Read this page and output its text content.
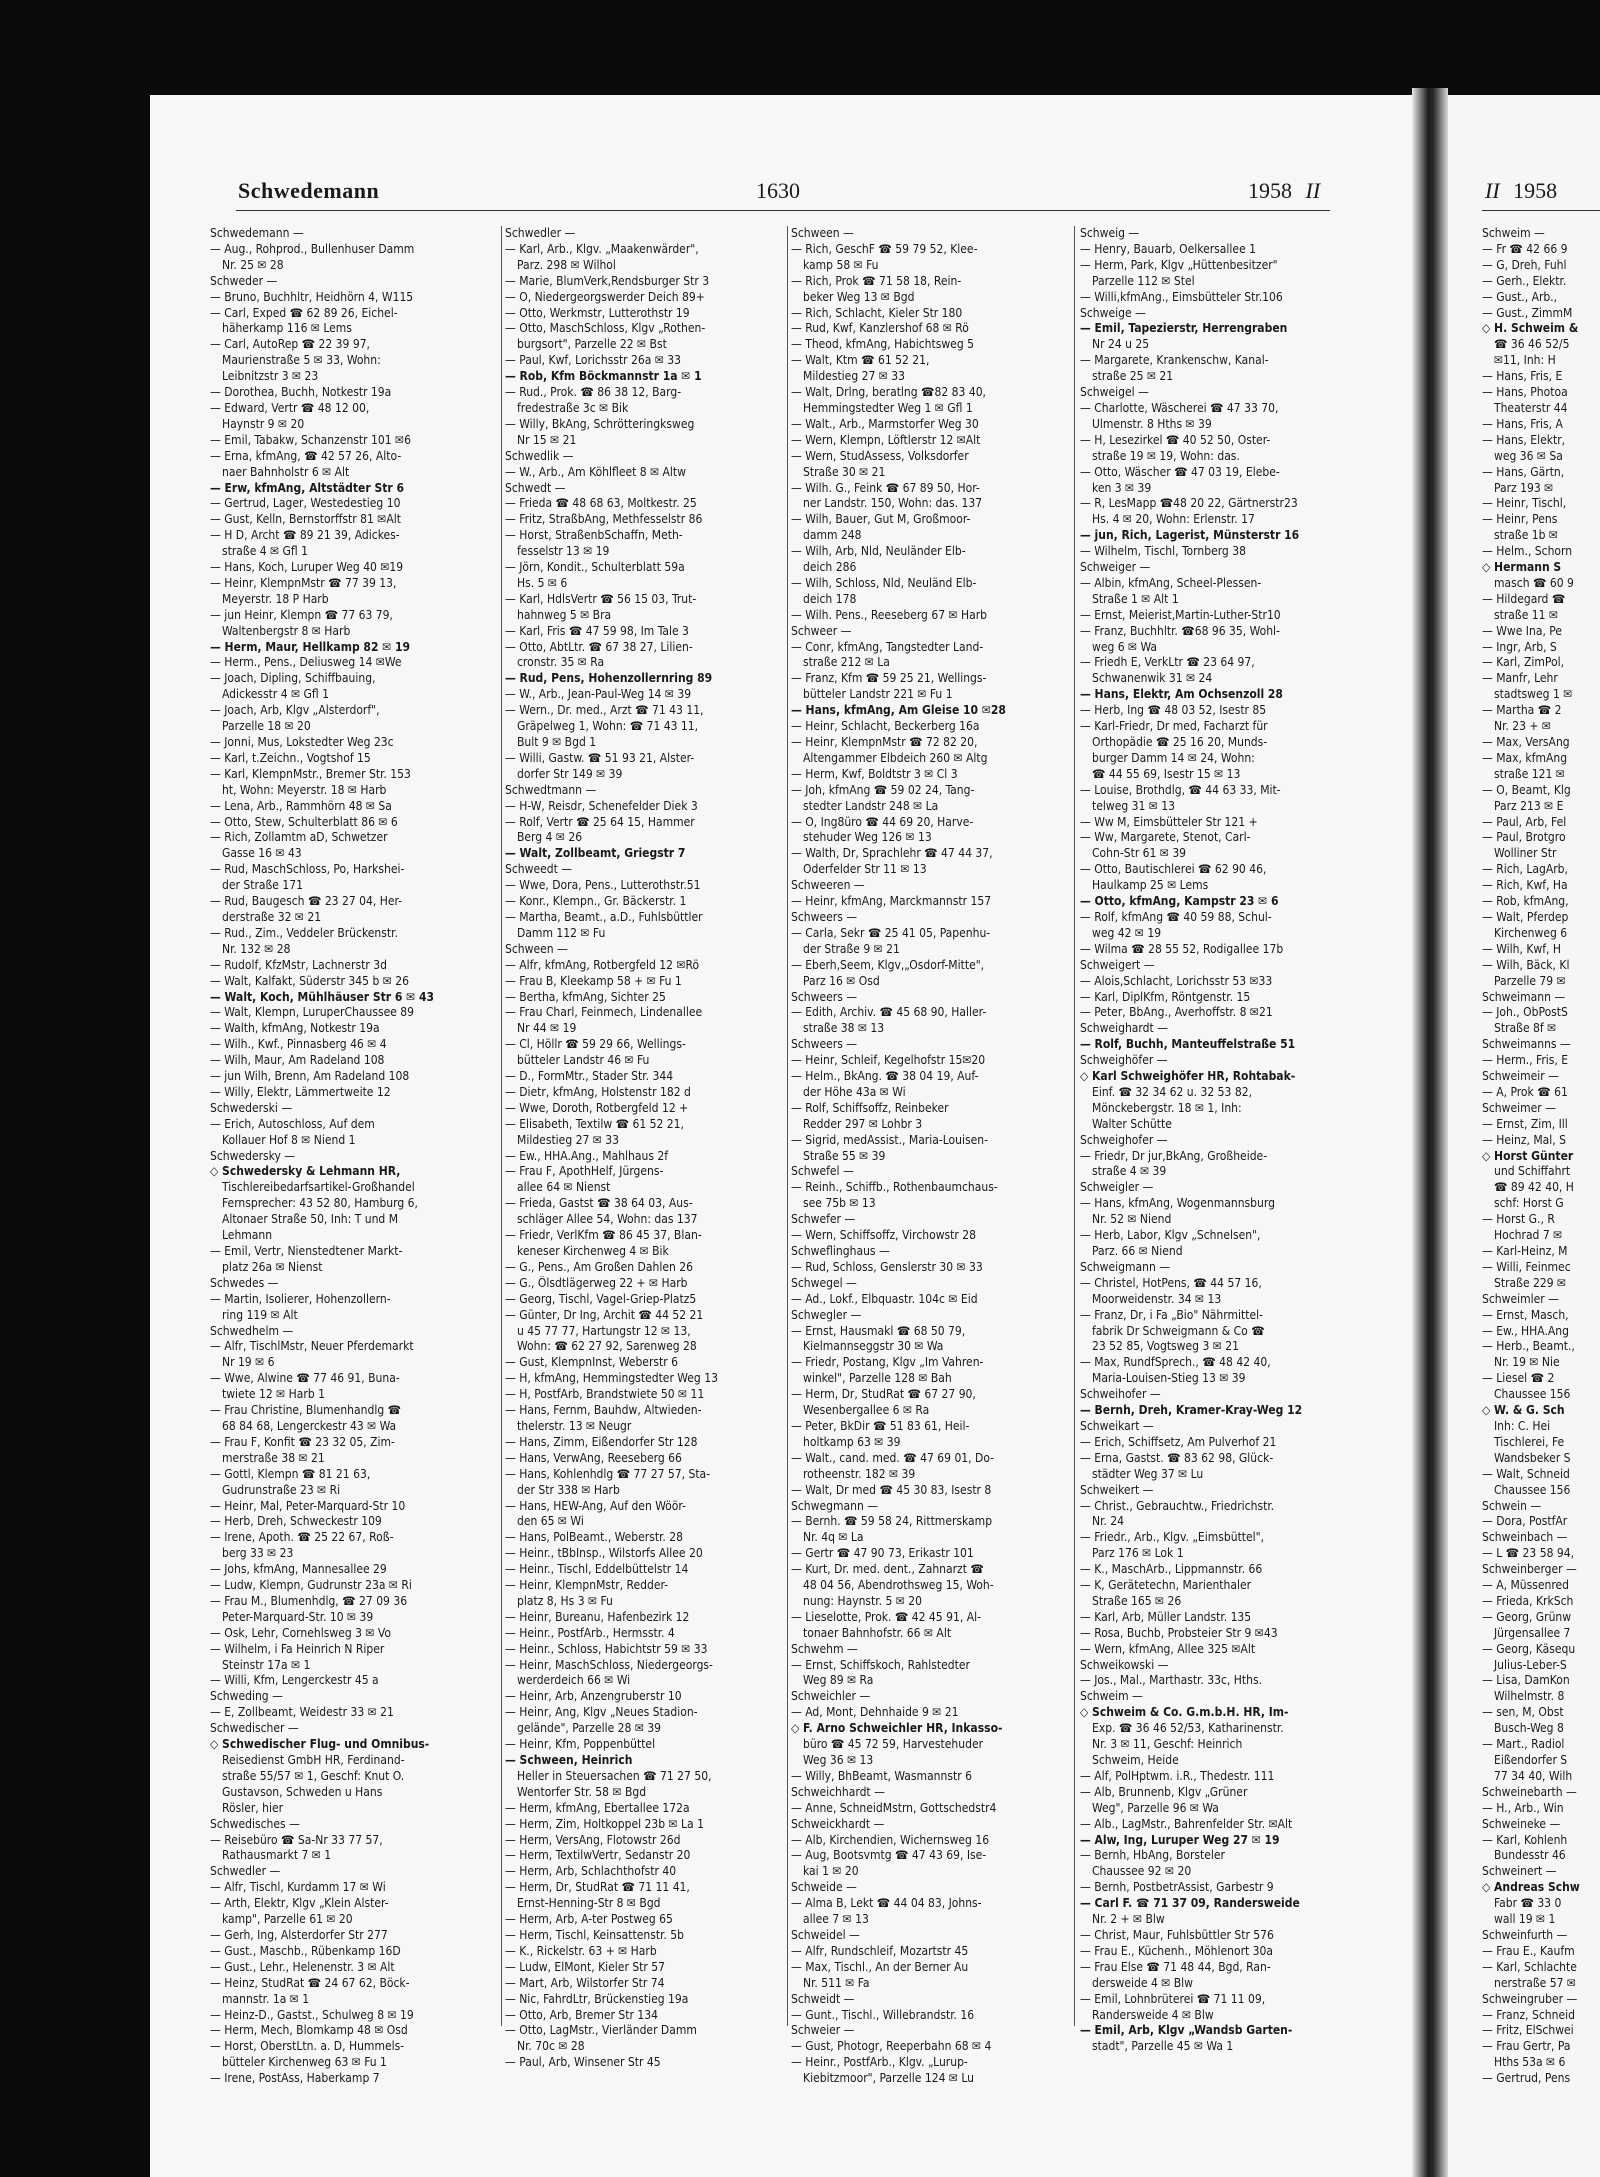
Schwedemann	1630	1958 II	II 1958
Schwedemann —
— Aug., Rohprod., Bullenhuser Damm
Nr. 25 ✉ 28
Schweder —
— Bruno, Buchhltr, Heidhörn 4, W115
— Carl, Exped ☎ 62 89 26, Eichel-
häherkamp 116 ✉ Lems
— Carl, AutoRep ☎ 22 39 97,
Maurienstraße 5 ✉ 33, Wohn:
Leibnitzstr 3 ✉ 23
— Dorothea, Buchh, Notkestr 19a
— Edward, Vertr ☎ 48 12 00,
Haynstr 9 ✉ 20
— Emil, Tabakw, Schanzenstr 101 ✉6
— Erna, kfmAng, ☎ 42 57 26, Alto-
naer Bahnholstr 6 ✉ Alt
— Erw, kfmAng, Altstädter Str 6
— Gertrud, Lager, Westedestieg 10
— Gust, Kelln, Bernstorffstr 81 ✉Alt
— H D, Archt ☎ 89 21 39, Adickes-
straße 4 ✉ Gfl 1
— Hans, Koch, Luruper Weg 40 ✉19
— Heinr, KlempnMstr ☎ 77 39 13,
Meyerstr. 18 P Harb
— jun Heinr, Klempn ☎ 77 63 79,
Waltenbergstr 8 ✉ Harb
— Herm, Maur, Hellkamp 82 ✉ 19
— Herm., Pens., Deliusweg 14 ✉We
— Joach, Dipling, Schiffbauing,
Adickesstr 4 ✉ Gfl 1
— Joach, Arb, Klgv „Alsterdorf",
Parzelle 18 ✉ 20
— Jonni, Mus, Lokstedter Weg 23c
— Karl, t.Zeichn., Vogtshof 15
— Karl, KlempnMstr., Bremer Str. 153
ht, Wohn: Meyerstr. 18 ✉ Harb
— Lena, Arb., Rammhörn 48 ✉ Sa
— Otto, Stew, Schulterblatt 86 ✉ 6
— Rich, Zollamtm aD, Schwetzer
Gasse 16 ✉ 43
— Rud, MaschSchloss, Po, Harkshei-
der Straße 171
— Rud, Baugesch ☎ 23 27 04, Her-
derstraße 32 ✉ 21
— Rud., Zim., Veddeler Brückenstr.
Nr. 132 ✉ 28
— Rudolf, KfzMstr, Lachnerstr 3d
— Walt, Kalfakt, Süderstr 345 b ✉ 26
— Walt, Koch, Mühlhäuser Str 6 ✉ 43
— Walt, Klempn, LuruperChaussee 89
— Walth, kfmAng, Notkestr 19a
— Wilh., Kwf., Pinnasberg 46 ✉ 4
— Wilh, Maur, Am Radeland 108
— jun Wilh, Brenn, Am Radeland 108
— Willy, Elektr, Lämmertweite 12
Schwederski —
— Erich, Autoschloss, Auf dem
Kollauer Hof 8 ✉ Niend 1
Schwedersky —
◇ Schwedersky & Lehmann HR,
Tischlereibedarfsartikel-Großhandel
Fernsprecher: 43 52 80, Hamburg 6,
Altonaer Straße 50, Inh: T und M
Lehmann
— Emil, Vertr, Nienstedtener Markt-
platz 26a ✉ Nienst
Schwedes —
— Martin, Isolierer, Hohenzollern-
ring 119 ✉ Alt
Schwedhelm —
— Alfr, TischlMstr, Neuer Pferdemarkt
Nr 19 ✉ 6
— Wwe, Alwine ☎ 77 46 91, Buna-
twiete 12 ✉ Harb 1
— Frau Christine, Blumenhandlg ☎
68 84 68, Lengerckestr 43 ✉ Wa
— Frau F, Konfit ☎ 23 32 05, Zim-
merstraße 38 ✉ 21
— Gottl, Klempn ☎ 81 21 63,
Gudrunstraße 23 ✉ Ri
— Heinr, Mal, Peter-Marquard-Str 10
— Herb, Dreh, Schweckestr 109
— Irene, Apoth. ☎ 25 22 67, Roß-
berg 33 ✉ 23
— Johs, kfmAng, Mannesallee 29
— Ludw, Klempn, Gudrunstr 23a ✉ Ri
— Frau M., Blumenhdlg, ☎ 27 09 36
Peter-Marquard-Str. 10 ✉ 39
— Osk, Lehr, Cornehlsweg 3 ✉ Vo
— Wilhelm, i Fa Heinrich N Riper
Steinstr 17a ✉ 1
— Willi, Kfm, Lengerckestr 45 a
Schweding —
— E, Zollbeamt, Weidestr 33 ✉ 21
Schwedischer —
◇ Schwedischer Flug- und Omnibus-
Reisedienst GmbH HR, Ferdinand-
straße 55/57 ✉ 1, Geschf: Knut O.
Gustavson, Schweden u Hans
Rösler, hier
Schwedisches —
— Reisebüro ☎ Sa-Nr 33 77 57,
Rathausmarkt 7 ✉ 1
Schwedler —
— Alfr, Tischl, Kurdamm 17 ✉ Wi
— Arth, Elektr, Klgv „Klein Alster-
kamp", Parzelle 61 ✉ 20
— Gerh, Ing, Alsterdorfer Str 277
— Gust., Maschb., Rübenkamp 16D
— Gust., Lehr., Helenenstr. 3 ✉ Alt
— Heinz, StudRat ☎ 24 67 62, Böck-
mannstr. 1a ✉ 1
— Heinz-D., Gastst., Schulweg 8 ✉ 19
— Herm, Mech, Blomkamp 48 ✉ Osd
— Horst, OberstLtn. a. D, Hummels-
bütteler Kirchenweg 63 ✉ Fu 1
— Irene, PostAss, Haberkamp 7
Schwedler —
— Karl, Arb., Klgv. „Maakenwärder",
Parz. 298 ✉ Wilhol
— Marie, BlumVerk,Rendsburger Str 3
— O, Niedergeorgswerder Deich 89+
— Otto, Werkmstr, Lutterothstr 19
— Otto, MaschSchloss, Klgv „Rothen-
burgsort", Parzelle 22 ✉ Bst
— Paul, Kwf, Lorichsstr 26a ✉ 33
— Rob, Kfm Böckmannstr 1a ✉ 1
— Rud., Prok. ☎ 86 38 12, Barg-
fredestraße 3c ✉ Bik
— Willy, BkAng, Schrötteringksweg
Nr 15 ✉ 21
Schwedlik —
— W., Arb., Am Köhlfleet 8 ✉ Altw
Schwedt —
— Frieda ☎ 48 68 63, Moltkestr. 25
— Fritz, StraßbAng, Methfesselstr 86
— Horst, StraßenbSchaffn, Meth-
fesselstr 13 ✉ 19
— Jörn, Kondit., Schulterblatt 59a
Hs. 5 ✉ 6
— Karl, HdlsVertr ☎ 56 15 03, Trut-
hahnweg 5 ✉ Bra
— Karl, Fris ☎ 47 59 98, Im Tale 3
— Otto, AbtLtr. ☎ 67 38 27, Lilien-
cronstr. 35 ✉ Ra
— Rud, Pens, Hohenzollernring 89
— W., Arb., Jean-Paul-Weg 14 ✉ 39
— Wern., Dr. med., Arzt ☎ 71 43 11,
Gräpelweg 1, Wohn: ☎ 71 43 11,
Bult 9 ✉ Bgd 1
— Willi, Gastw. ☎ 51 93 21, Alster-
dorfer Str 149 ✉ 39
Schwedtmann —
— H-W, Reisdr, Schenefelder Diek 3
— Rolf, Vertr ☎ 25 64 15, Hammer
Berg 4 ✉ 26
— Walt, Zollbeamt, Griegstr 7
Schweedt —
— Wwe, Dora, Pens., Lutterothstr.51
— Konr., Klempn., Gr. Bäckerstr. 1
— Martha, Beamt., a.D., Fuhlsbüttler
Damm 112 ✉ Fu
Schween —
— Alfr, kfmAng, Rotbergfeld 12 ✉Rö
— Frau B, Kleekamp 58 + ✉ Fu 1
— Bertha, kfmAng, Sichter 25
— Frau Charl, Feinmech, Lindenallee
Nr 44 ✉ 19
— Cl, Höllr ☎ 59 29 66, Wellings-
bütteler Landstr 46 ✉ Fu
— D., FormMtr., Stader Str. 344
— Dietr, kfmAng, Holstenstr 182 d
— Wwe, Doroth, Rotbergfeld 12 +
— Elisabeth, Textilw ☎ 61 52 21,
Mildestieg 27 ✉ 33
— Ew., HHA.Ang., Mahlhaus 2f
— Frau F, ApothHelf, Jürgens-
allee 64 ✉ Nienst
— Frieda, Gastst ☎ 38 64 03, Aus-
schläger Allee 54, Wohn: das 137
— Friedr, VerlKfm ☎ 86 45 37, Blan-
keneser Kirchenweg 4 ✉ Bik
— G., Pens., Am Großen Dahlen 26
— G., Ölsdtlägerweg 22 + ✉ Harb
— Georg, Tischl, Vagel-Griep-Platz5
— Günter, Dr Ing, Archit ☎ 44 52 21
u 45 77 77, Hartungstr 12 ✉ 13,
Wohn: ☎ 62 27 92, Sarenweg 28
— Gust, KlempnInst, Weberstr 6
— H, kfmAng, Hemmingstedter Weg 13
— H, PostfArb, Brandstwiete 50 ✉ 11
— Hans, Fernm, Bauhdw, Altwieden-
thelerstr. 13 ✉ Neugr
— Hans, Zimm, Eißendorfer Str 128
— Hans, VerwAng, Reeseberg 66
— Hans, Kohlenhdlg ☎ 77 27 57, Sta-
der Str 338 ✉ Harb
— Hans, HEW-Ang, Auf den Wöör-
den 65 ✉ Wi
— Hans, PolBeamt., Weberstr. 28
— Heinr., tBbInsp., Wilstorfs Allee 20
— Heinr., Tischl, Eddelbüttelstr 14
— Heinr, KlempnMstr, Redder-
platz 8, Hs 3 ✉ Fu
— Heinr, Bureanu, Hafenbezirk 12
— Heinr., PostfArb., Hermsstr. 4
— Heinr., Schloss, Habichtstr 59 ✉ 33
— Heinr, MaschSchloss, Niedergeorgs-
werderdeich 66 ✉ Wi
— Heinr, Arb, Anzengruberstr 10
— Heinr, Ang, Klgv „Neues Stadion-
gelände", Parzelle 28 ✉ 39
— Heinr, Kfm, Poppenbüttel
— Schween, Heinrich
Heller in Steuersachen ☎ 71 27 50,
Wentorfer Str. 58 ✉ Bgd
— Herm, kfmAng, Ebertallee 172a
— Herm, Zim, Holtkoppel 23b ✉ La 1
— Herm, VersAng, Flotowstr 26d
— Herm, TextilwVertr, Sedanstr 20
— Herm, Arb, Schlachthofstr 40
— Herm, Dr, StudRat ☎ 71 11 41,
Ernst-Henning-Str 8 ✉ Bgd
— Herm, Arb, A-ter Postweg 65
— Herm, Tischl, Keinsattenstr. 5b
— K., Rickelstr. 63 + ✉ Harb
— Ludw, ElMont, Kieler Str 57
— Mart, Arb, Wilstorfer Str 74
— Nic, FahrdLtr, Brückenstieg 19a
— Otto, Arb, Bremer Str 134
— Otto, LagMstr., Vierländer Damm
Nr. 70c ✉ 28
— Paul, Arb, Winsener Str 45
Schween —
— Rich, GeschF ☎ 59 79 52, Klee-
kamp 58 ✉ Fu
— Rich, Prok ☎ 71 58 18, Rein-
beker Weg 13 ✉ Bgd
— Rich, Schlacht, Kieler Str 180
— Rud, Kwf, Kanzlershof 68 ✉ Rö
— Theod, kfmAng, Habichtsweg 5
— Walt, Ktm ☎ 61 52 21,
Mildestieg 27 ✉ 33
— Walt, Drlng, beratlng ☎82 83 40,
Hemmingstedter Weg 1 ✉ Gfl 1
— Walt., Arb., Marmstorfer Weg 30
— Wern, Klempn, Löftlerstr 12 ✉Alt
— Wern, StudAssess, Volksdorfer
Straße 30 ✉ 21
— Wilh. G., Feink ☎ 67 89 50, Hor-
ner Landstr. 150, Wohn: das. 137
— Wilh, Bauer, Gut M, Großmoor-
damm 248
— Wilh, Arb, Nld, Neuländer Elb-
deich 286
— Wilh, Schloss, Nld, Neuländ Elb-
deich 178
— Wilh. Pens., Reeseberg 67 ✉ Harb
Schweer —
— Conr, kfmAng, Tangstedter Land-
straße 212 ✉ La
— Franz, Kfm ☎ 59 25 21, Wellings-
bütteler Landstr 221 ✉ Fu 1
— Hans, kfmAng, Am Gleise 10 ✉28
— Heinr, Schlacht, Beckerberg 16a
— Heinr, KlempnMstr ☎ 72 82 20,
Altengammer Elbdeich 260 ✉ Altg
— Herm, Kwf, Boldtstr 3 ✉ Cl 3
— Joh, kfmAng ☎ 59 02 24, Tang-
stedter Landstr 248 ✉ La
— O, Ing8üro ☎ 44 69 20, Harve-
stehuder Weg 126 ✉ 13
— Walth, Dr, Sprachlehr ☎ 47 44 37,
Oderfelder Str 11 ✉ 13
Schweeren —
— Heinr, kfmAng, Marckmannstr 157
Schweers —
— Carla, Sekr ☎ 25 41 05, Papenhu-
der Straße 9 ✉ 21
— Eberh,Seem, Klgv,„Osdorf-Mitte",
Parz 16 ✉ Osd
Schweers —
— Edith, Archiv. ☎ 45 68 90, Haller-
straße 38 ✉ 13
Schweers —
— Heinr, Schleif, Kegelhofstr 15✉20
— Helm., BkAng. ☎ 38 04 19, Auf-
der Höhe 43a ✉ Wi
— Rolf, Schiffsoffz, Reinbeker
Redder 297 ✉ Lohbr 3
— Sigrid, medAssist., Maria-Louisen-
Straße 55 ✉ 39
Schwefel —
— Reinh., Schiffb., Rothenbaumchaus-
see 75b ✉ 13
Schwefer —
— Wern, Schiffsoffz, Virchowstr 28
Schweflinghaus —
— Rud, Schloss, Genslerstr 30 ✉ 33
Schwegel —
— Ad., Lokf., Elbquastr. 104c ✉ Eid
Schwegler —
— Ernst, Hausmakl ☎ 68 50 79,
Kielmannseggstr 30 ✉ Wa
— Friedr, Postang, Klgv „Im Vahren-
winkel", Parzelle 128 ✉ Bah
— Herm, Dr, StudRat ☎ 67 27 90,
Wesenbergallee 6 ✉ Ra
— Peter, BkDir ☎ 51 83 61, Heil-
holtkamp 63 ✉ 39
— Walt., cand. med. ☎ 47 69 01, Do-
rotheenstr. 182 ✉ 39
— Walt, Dr med ☎ 45 30 83, Isestr 8
Schwegmann —
— Bernh. ☎ 59 58 24, Rittmerskamp
Nr. 4q ✉ La
— Gertr ☎ 47 90 73, Erikastr 101
— Kurt, Dr. med. dent., Zahnarzt ☎
48 04 56, Abendrothsweg 15, Woh-
nung: Haynstr. 5 ✉ 20
— Lieselotte, Prok. ☎ 42 45 91, Al-
tonaer Bahnhofstr. 66 ✉ Alt
Schwehm —
— Ernst, Schiffskoch, Rahlstedter
Weg 89 ✉ Ra
Schweichler —
— Ad, Mont, Dehnhaide 9 ✉ 21
◇ F. Arno Schweichler HR, Inkasso-
büro ☎ 45 72 59, Harvestehuder
Weg 36 ✉ 13
— Willy, BhBeamt, Wasmannstr 6
Schweichhardt —
— Anne, SchneidMstrn, Gottschedstr4
Schweickhardt —
— Alb, Kirchendien, Wichernsweg 16
— Aug, Bootsvmtg ☎ 47 43 69, Ise-
kai 1 ✉ 20
Schweide —
— Alma B, Lekt ☎ 44 04 83, Johns-
allee 7 ✉ 13
Schweidel —
— Alfr, Rundschleif, Mozartstr 45
— Max, Tischl., An der Berner Au
Nr. 511 ✉ Fa
Schweidt —
— Gunt., Tischl., Willebrandstr. 16
Schweier —
— Gust, Photogr, Reeperbahn 68 ✉ 4
— Heinr., PostfArb., Klgv. „Lurup-
Kiebitzmoor", Parzelle 124 ✉ Lu
Schweig —
— Henry, Bauarb, Oelkersallee 1
— Herm, Park, Klgv „Hüttenbesitzer"
Parzelle 112 ✉ Stel
— Willi,kfmAng., Eimsbütteler Str.106
Schweige —
— Emil, Tapezierstr, Herrengraben
Nr 24 u 25
— Margarete, Krankenschw, Kanal-
straße 25 ✉ 21
Schweigel —
— Charlotte, Wäscherei ☎ 47 33 70,
Ulmenstr. 8 Hths ✉ 39
— H, Lesezirkel ☎ 40 52 50, Oster-
straße 19 ✉ 19, Wohn: das.
— Otto, Wäscher ☎ 47 03 19, Elebe-
ken 3 ✉ 39
— R, LesMapp ☎48 20 22, Gärtnerstr23
Hs. 4 ✉ 20, Wohn: Erlenstr. 17
— jun, Rich, Lagerist, Münsterstr 16
— Wilhelm, Tischl, Tornberg 38
Schweiger —
— Albin, kfmAng, Scheel-Plessen-
Straße 1 ✉ Alt 1
— Ernst, Meierist,Martin-Luther-Str10
— Franz, Buchhltr. ☎68 96 35, Wohl-
weg 6 ✉ Wa
— Friedh E, VerkLtr ☎ 23 64 97,
Schwanenwik 31 ✉ 24
— Hans, Elektr, Am Ochsenzoll 28
— Herb, Ing ☎ 48 03 52, Isestr 85
— Karl-Friedr, Dr med, Facharzt für
Orthopädie ☎ 25 16 20, Munds-
burger Damm 14 ✉ 24, Wohn:
☎ 44 55 69, Isestr 15 ✉ 13
— Louise, Brothdlg, ☎ 44 63 33, Mit-
telweg 31 ✉ 13
— Ww M, Eimsbütteler Str 121 +
— Ww, Margarete, Stenot, Carl-
Cohn-Str 61 ✉ 39
— Otto, Bautischlerei ☎ 62 90 46,
Haulkamp 25 ✉ Lems
— Otto, kfmAng, Kampstr 23 ✉ 6
— Rolf, kfmAng ☎ 40 59 88, Schul-
weg 42 ✉ 19
— Wilma ☎ 28 55 52, Rodigallee 17b
Schweigert —
— Alois,Schlacht, Lorichsstr 53 ✉33
— Karl, DiplKfm, Röntgenstr. 15
— Peter, BbAng., Averhoffstr. 8 ✉21
Schweighardt —
— Rolf, Buchh, Manteuffelstraße 51
Schweighöfer —
◇ Karl Schweighöfer HR, Rohtabak-
Einf. ☎ 32 34 62 u. 32 53 82,
Mönckebergstr. 18 ✉ 1, Inh:
Walter Schütte
Schweighofer —
— Friedr, Dr jur,BkAng, Großheide-
straße 4 ✉ 39
Schweigler —
— Hans, kfmAng, Wogenmannsburg
Nr. 52 ✉ Niend
— Herb, Labor, Klgv „Schnelsen",
Parz. 66 ✉ Niend
Schweigmann —
— Christel, HotPens, ☎ 44 57 16,
Moorweidenstr. 34 ✉ 13
— Franz, Dr, i Fa „Bio" Nährmittel-
fabrik Dr Schweigmann & Co ☎
23 52 85, Vogtsweg 3 ✉ 21
— Max, RundfSprech., ☎ 48 42 40,
Maria-Louisen-Stieg 13 ✉ 39
Schweihofer —
— Bernh, Dreh, Kramer-Kray-Weg 12
Schweikart —
— Erich, Schiffsetz, Am Pulverhof 21
— Erna, Gastst. ☎ 83 62 98, Glück-
städter Weg 37 ✉ Lu
Schweikert —
— Christ., Gebrauchtw., Friedrichstr.
Nr. 24
— Friedr., Arb., Klgv. „Eimsbüttel",
Parz 176 ✉ Lok 1
— K., MaschArb., Lippmannstr. 66
— K, Gerätetechn, Marienthaler
Straße 165 ✉ 26
— Karl, Arb, Müller Landstr. 135
— Rosa, Buchb, Probsteier Str 9 ✉43
— Wern, kfmAng, Allee 325 ✉Alt
Schweikowski —
— Jos., Mal., Marthastr. 33c, Hths.
Schweim —
◇ Schweim & Co. G.m.b.H. HR, Im-
Exp. ☎ 36 46 52/53, Katharinenstr.
Nr. 3 ✉ 11, Geschf: Heinrich
Schweim, Heide
— Alf, PolHptwm. i.R., Thedestr. 111
— Alb, Brunnenb, Klgv „Grüner
Weg", Parzelle 96 ✉ Wa
— Alb., LagMstr., Bahrenfelder Str. ✉Alt
— Alw, Ing, Luruper Weg 27 ✉ 19
— Bernh, HbAng, Borsteler
Chaussee 92 ✉ 20
— Bernh, PostbetrAssist, Garbestr 9
— Carl F. ☎ 71 37 09, Randersweide
Nr. 2 + ✉ Blw
— Christ, Maur, Fuhlsbüttler Str 576
— Frau E., Küchenh., Möhlenort 30a
— Frau Else ☎ 71 48 44, Bgd, Ran-
dersweide 4 ✉ Blw
— Emil, Lohnbrüterei ☎ 71 11 09,
Randersweide 4 ✉ Blw
— Emil, Arb, Klgv „Wandsb Garten-
stadt", Parzelle 45 ✉ Wa 1
Schweim —
— Fr ☎ 42 66 9
— G, Dreh, Fuhl
— Gerh., Elektr.
— Gust., Arb.,
— Gust., ZimmM
◇ H. Schweim &
☎ 36 46 52/5
✉11, Inh: H
— Hans, Fris, E
— Hans, Photoa
Theaterstr 44
— Hans, Fris, A
— Hans, Elektr,
weg 36 ✉ Sa
— Hans, Gärtn,
Parz 193 ✉
— Heinr, Tischl,
— Heinr, Pens
straße 1b ✉
— Helm., Schorn
◇ Hermann S
masch ☎ 60 9
— Hildegard ☎
straße 11 ✉
— Wwe Ina, Pe
— Ingr, Arb, S
— Karl, ZimPol,
— Manfr, Lehr
stadtsweg 1 ✉
— Martha ☎ 2
Nr. 23 + ✉
— Max, VersAng
— Max, kfmAng
straße 121 ✉
— O, Beamt, Klg
Parz 213 ✉ E
— Paul, Arb, Fel
— Paul, Brotgro
Wolliner Str
— Rich, LagArb,
— Rich, Kwf, Ha
— Rob, kfmAng,
— Walt, Pferdep
Kirchenweg 6
— Wilh, Kwf, H
— Wilh, Bäck, Kl
Parzelle 79 ✉
Schweimann —
— Joh., ObPostS
Straße 8f ✉
Schweimanns —
— Herm., Fris, E
Schweimeir —
— A, Prok ☎ 61
Schweimer —
— Ernst, Zim, Ill
— Heinz, Mal, S
◇ Horst Günter
und Schiffahrt
☎ 89 42 40, H
schf: Horst G
— Horst G., R
Hochrad 7 ✉
— Karl-Heinz, M
— Willi, Feinmec
Straße 229 ✉
Schweimler —
— Ernst, Masch,
— Ew., HHA.Ang
— Herb., Beamt.,
Nr. 19 ✉ Nie
— Liesel ☎ 2
Chaussee 156
◇ W. & G. Sch
Inh: C. Hei
Tischlerei, Fe
Wandsbeker S
— Walt, Schneid
Chaussee 156
Schwein —
— Dora, PostfAr
Schweinbach —
— L ☎ 23 58 94,
Schweinberger —
— A, Müssenred
— Frieda, KrkSch
— Georg, Grünw
Jürgensallee 7
— Georg, Käsequ
Julius-Leber-S
— Lisa, DamKon
Wilhelmstr. 8
— sen, M, Obst
Busch-Weg 8
— Mart., Radiol
Eißendorfer S
77 34 40, Wilh
Schweinebarth —
— H., Arb., Win
Schweineke —
— Karl, Kohlenh
Bundesstr 46
Schweinert —
◇ Andreas Schw
Fabr ☎ 33 0
wall 19 ✉ 1
Schweinfurth —
— Frau E., Kaufm
— Karl, Schlachte
nerstraße 57 ✉
Schweingruber —
— Franz, Schneid
— Fritz, ElSchwei
— Frau Gertr, Pa
Hths 53a ✉ 6
— Gertrud, Pens
